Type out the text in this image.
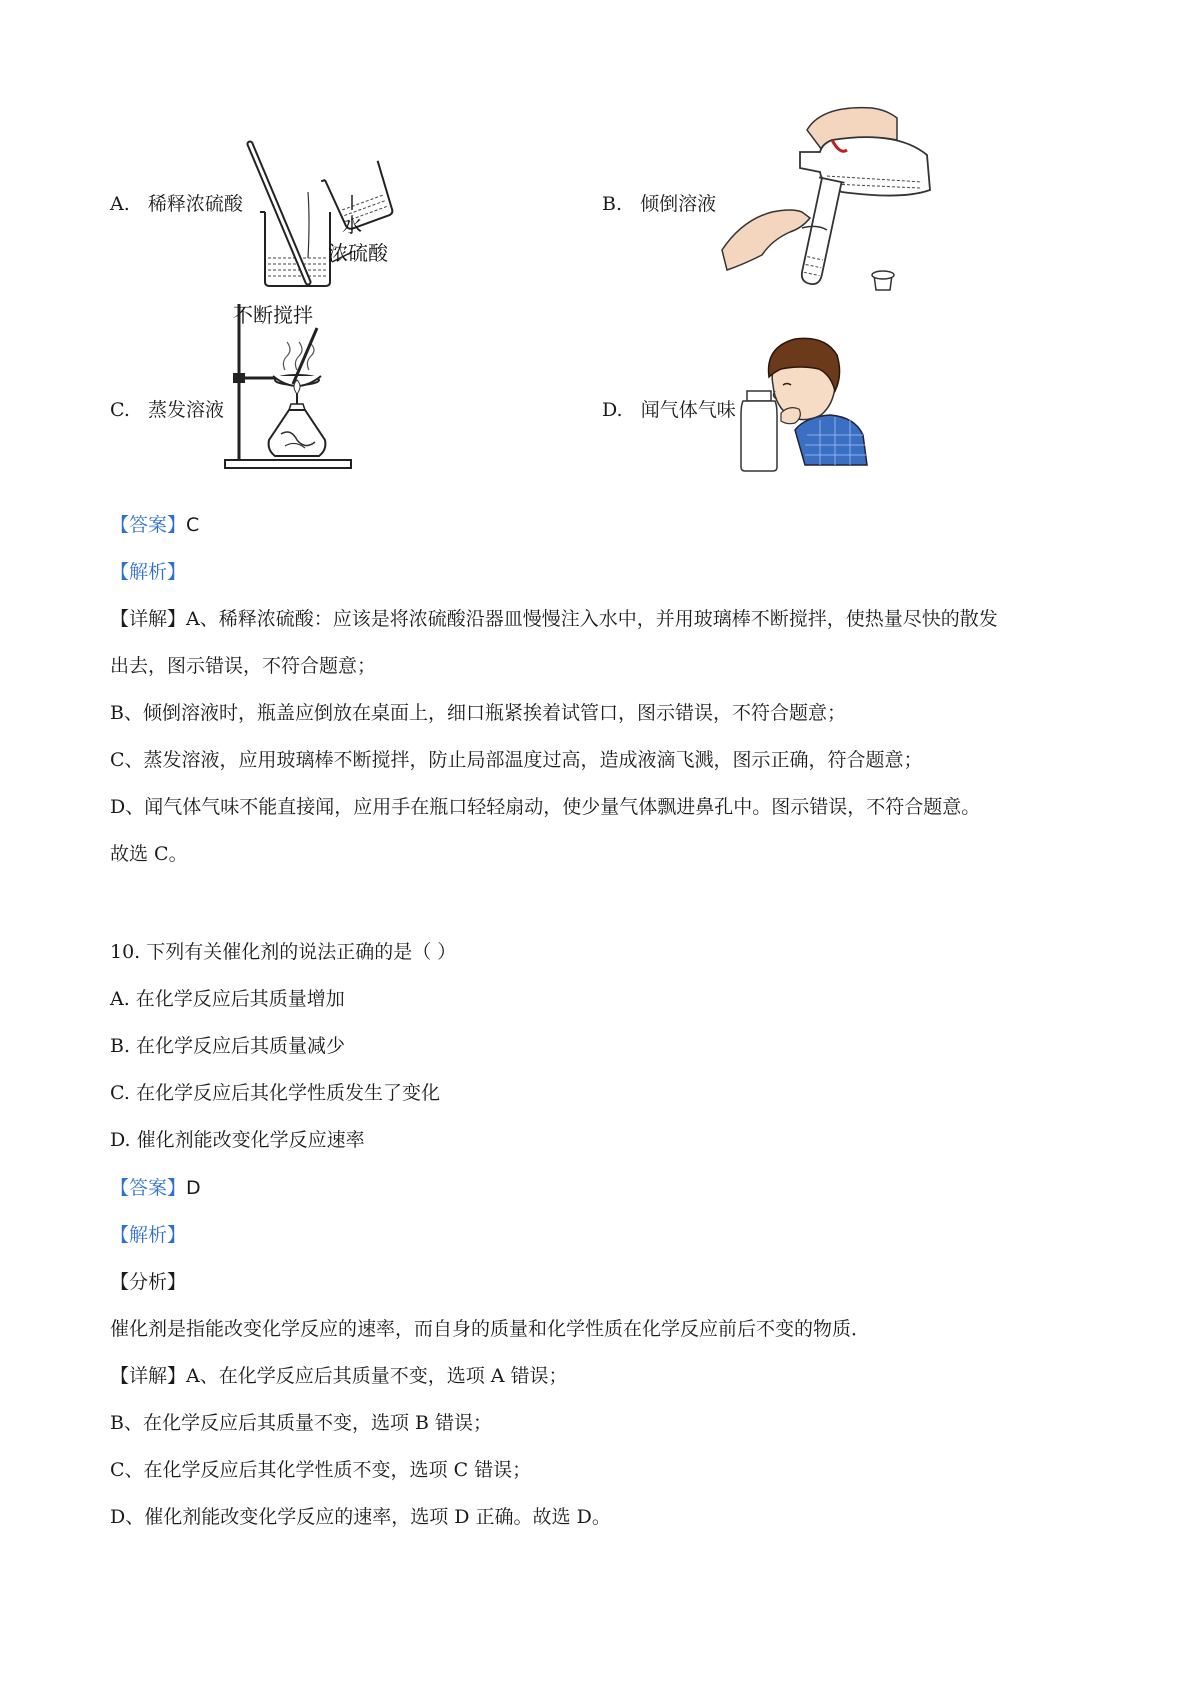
A. 稀释浓硫酸	B. 倾倒溶液
C. 蒸发溶液	D. 闻气体气味
水
浓硫酸
不断搅拌
【答案】C
【解析】
【详解】A、稀释浓硫酸：应该是将浓硫酸沿器皿慢慢注入水中，并用玻璃棒不断搅拌，使热量尽快的散发
出去，图示错误，不符合题意；
B、倾倒溶液时，瓶盖应倒放在桌面上，细口瓶紧挨着试管口，图示错误，不符合题意；
C、蒸发溶液，应用玻璃棒不断搅拌，防止局部温度过高，造成液滴飞溅，图示正确，符合题意；
D、闻气体气味不能直接闻，应用手在瓶口轻轻扇动，使少量气体飘进鼻孔中。图示错误，不符合题意。
故选 C。
10. 下列有关催化剂的说法正确的是（ ）
A. 在化学反应后其质量增加
B. 在化学反应后其质量减少
C. 在化学反应后其化学性质发生了变化
D. 催化剂能改变化学反应速率
【答案】D
【解析】
【分析】
催化剂是指能改变化学反应的速率，而自身的质量和化学性质在化学反应前后不变的物质．
【详解】A、在化学反应后其质量不变，选项 A 错误；
B、在化学反应后其质量不变，选项 B 错误；
C、在化学反应后其化学性质不变，选项 C 错误；
D、催化剂能改变化学反应的速率，选项 D 正确。故选 D。
